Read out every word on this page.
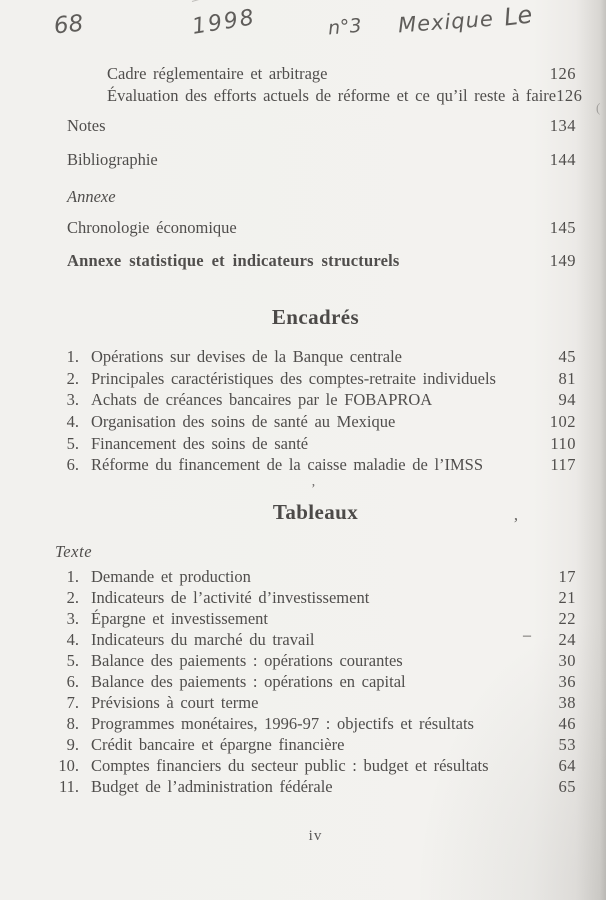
68	1998	n°3 Mexique Le
Cadre réglementaire et arbitrage	126
Évaluation des efforts actuels de réforme et ce qu’il reste à faire 126
Notes	134
Bibliographie	144
Annexe
Chronologie économique	145
Annexe statistique et indicateurs structurels	149
Encadrés
1. Opérations sur devises de la Banque centrale	45
2. Principales caractéristiques des comptes-retraite individuels	81
3. Achats de créances bancaires par le FOBAPROA	94
4. Organisation des soins de santé au Mexique	102
5. Financement des soins de santé	110
6. Réforme du financement de la caisse maladie de l’IMSS	117
Tableaux
Texte
1. Demande et production	17
2. Indicateurs de l’activité d’investissement	21
3. Épargne et investissement	22
4. Indicateurs du marché du travail	24
5. Balance des paiements : opérations courantes	30
6. Balance des paiements : opérations en capital	36
7. Prévisions à court terme	38
8. Programmes monétaires, 1996-97 : objectifs et résultats	46
9. Crédit bancaire et épargne financière	53
10. Comptes financiers du secteur public : budget et résultats	64
11. Budget de l’administration fédérale	65
’
’
–
(
iv
